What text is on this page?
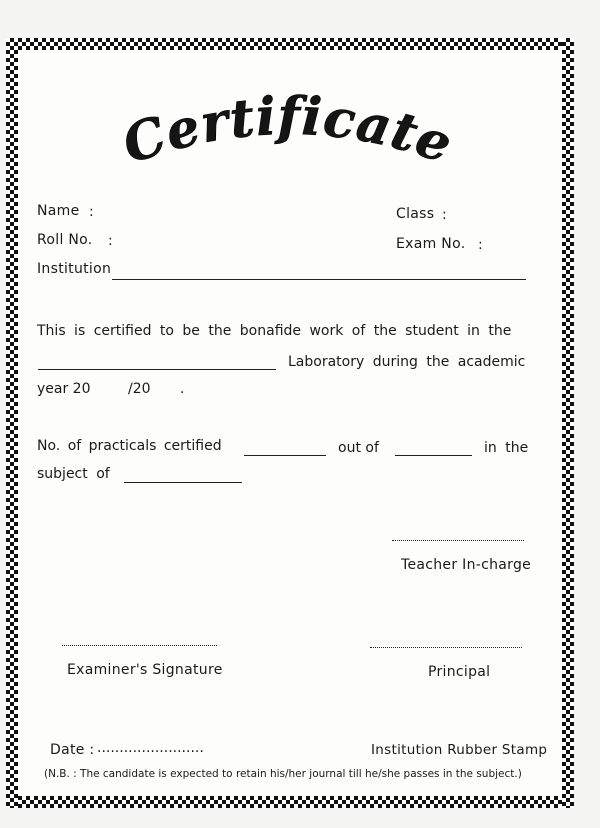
Certificate
Name :	Class :
Roll No. :	Exam No. :
Institution
This is certified to be the bonafide work of the student in the
Laboratory during the academic
year 20	/20 .
No. of practicals certified	out of	in the
subject of
Teacher In-charge
Examiner's Signature	Principal
Date : ........................	Institution Rubber Stamp
(N.B. : The candidate is expected to retain his/her journal till he/she passes in the subject.)
